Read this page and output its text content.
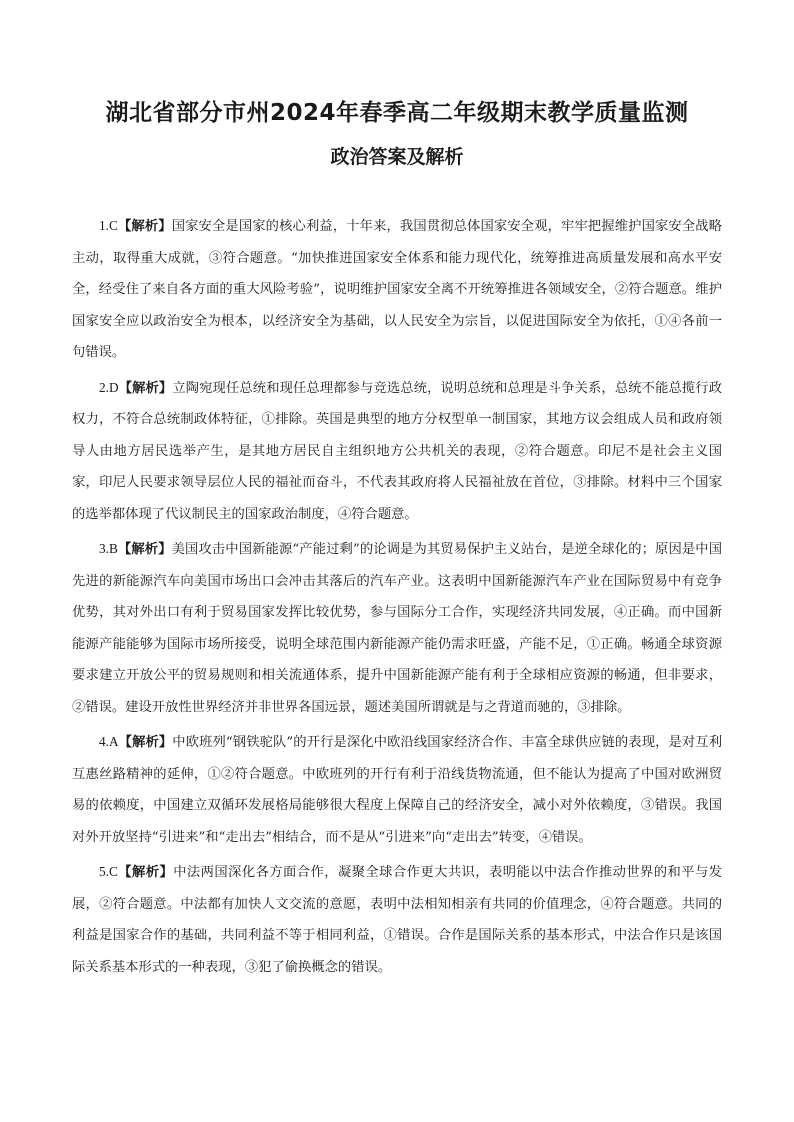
湖北省部分市州2024年春季高二年级期末教学质量监测
政治答案及解析

1.C【解析】国家安全是国家的核心利益，十年来，我国贯彻总体国家安全观，牢牢把握维护国家安全战略主动，取得重大成就，③符合题意。“加快推进国家安全体系和能力现代化，统筹推进高质量发展和高水平安全，经受住了来自各方面的重大风险考验”，说明维护国家安全离不开统筹推进各领域安全，②符合题意。维护国家安全应以政治安全为根本，以经济安全为基础，以人民安全为宗旨，以促进国际安全为依托，①④各前一句错误。

2.D【解析】立陶宛现任总统和现任总理都参与竞选总统，说明总统和总理是斗争关系，总统不能总揽行政权力，不符合总统制政体特征，①排除。英国是典型的地方分权型单一制国家，其地方议会组成人员和政府领导人由地方居民选举产生，是其地方居民自主组织地方公共机关的表现，②符合题意。印尼不是社会主义国家，印尼人民要求领导层位人民的福祉而奋斗，不代表其政府将人民福祉放在首位，③排除。材料中三个国家的选举都体现了代议制民主的国家政治制度，④符合题意。

3.B【解析】美国攻击中国新能源“产能过剩”的论调是为其贸易保护主义站台，是逆全球化的；原因是中国先进的新能源汽车向美国市场出口会冲击其落后的汽车产业。这表明中国新能源汽车产业在国际贸易中有竞争优势，其对外出口有利于贸易国家发挥比较优势，参与国际分工合作，实现经济共同发展，④正确。而中国新能源产能能够为国际市场所接受，说明全球范围内新能源产能仍需求旺盛，产能不足，①正确。畅通全球资源要求建立开放公平的贸易规则和相关流通体系，提升中国新能源产能有利于全球相应资源的畅通，但非要求，②错误。建设开放性世界经济并非世界各国远景，题述美国所谓就是与之背道而驰的，③排除。

4.A【解析】中欧班列“钢铁驼队”的开行是深化中欧沿线国家经济合作、丰富全球供应链的表现，是对互利互惠丝路精神的延伸，①②符合题意。中欧班列的开行有利于沿线货物流通，但不能认为提高了中国对欧洲贸易的依赖度，中国建立双循环发展格局能够很大程度上保障自己的经济安全，减小对外依赖度，③错误。我国对外开放坚持“引进来”和“走出去”相结合，而不是从“引进来”向“走出去”转变，④错误。

5.C【解析】中法两国深化各方面合作，凝聚全球合作更大共识，表明能以中法合作推动世界的和平与发展，②符合题意。中法都有加快人文交流的意愿，表明中法相知相亲有共同的价值理念，④符合题意。共同的利益是国家合作的基础，共同利益不等于相同利益，①错误。合作是国际关系的基本形式，中法合作只是该国际关系基本形式的一种表现，③犯了偷换概念的错误。
